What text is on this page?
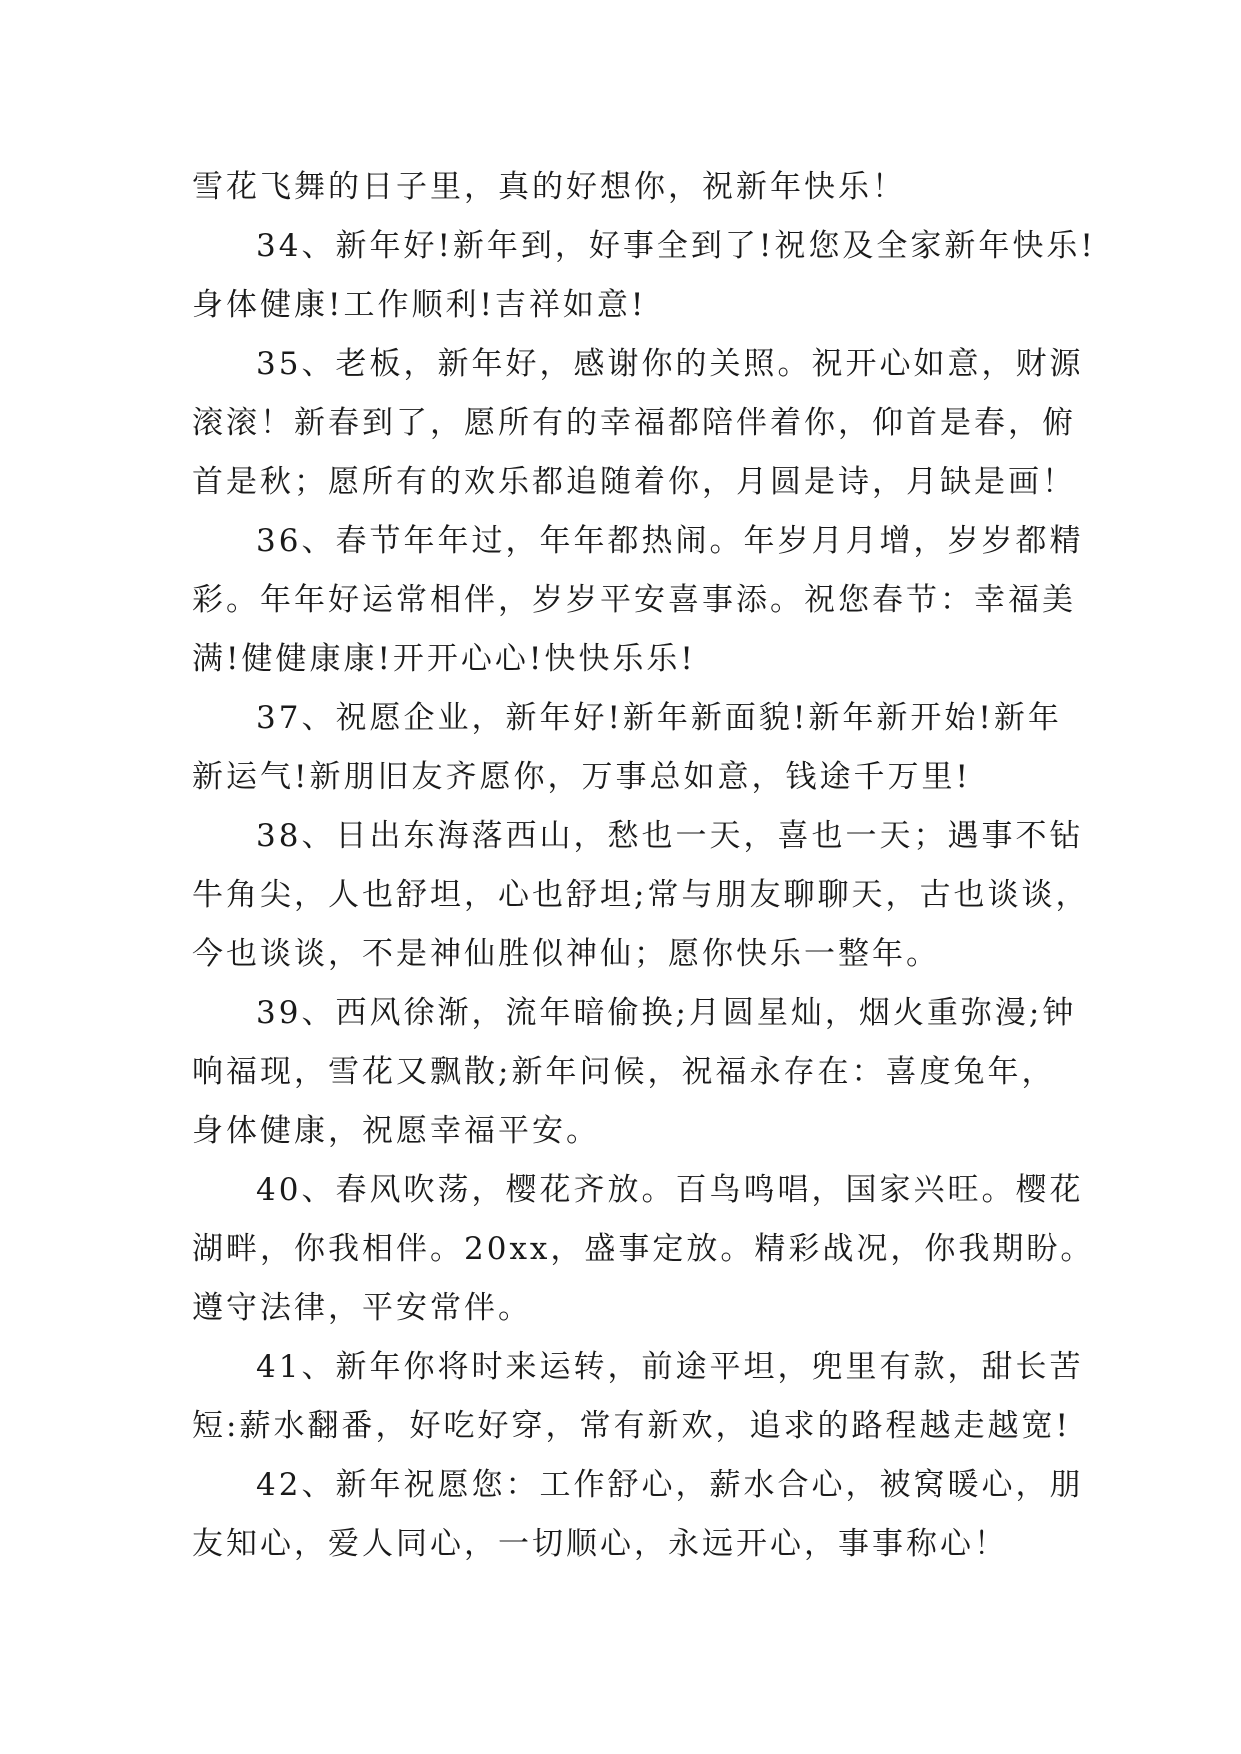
雪花飞舞的日子里，真的好想你，祝新年快乐！
34、新年好!新年到，好事全到了!祝您及全家新年快乐!
身体健康!工作顺利!吉祥如意!
35、老板，新年好，感谢你的关照。祝开心如意，财源
滚滚！新春到了，愿所有的幸福都陪伴着你，仰首是春，俯
首是秋；愿所有的欢乐都追随着你，月圆是诗，月缺是画！
36、春节年年过，年年都热闹。年岁月月增，岁岁都精
彩。年年好运常相伴，岁岁平安喜事添。祝您春节：幸福美
满!健健康康!开开心心!快快乐乐!
37、祝愿企业，新年好!新年新面貌!新年新开始!新年
新运气!新朋旧友齐愿你，万事总如意，钱途千万里!
38、日出东海落西山，愁也一天，喜也一天；遇事不钻
牛角尖，人也舒坦，心也舒坦;常与朋友聊聊天，古也谈谈，
今也谈谈，不是神仙胜似神仙；愿你快乐一整年。
39、西风徐渐，流年暗偷换;月圆星灿，烟火重弥漫;钟
响福现，雪花又飘散;新年问候，祝福永存在：喜度兔年，
身体健康，祝愿幸福平安。
40、春风吹荡，樱花齐放。百鸟鸣唱，国家兴旺。樱花
湖畔，你我相伴。20xx，盛事定放。精彩战况，你我期盼。
遵守法律，平安常伴。
41、新年你将时来运转，前途平坦，兜里有款，甜长苦
短:薪水翻番，好吃好穿，常有新欢，追求的路程越走越宽!
42、新年祝愿您：工作舒心，薪水合心，被窝暖心，朋
友知心，爱人同心，一切顺心，永远开心，事事称心！
